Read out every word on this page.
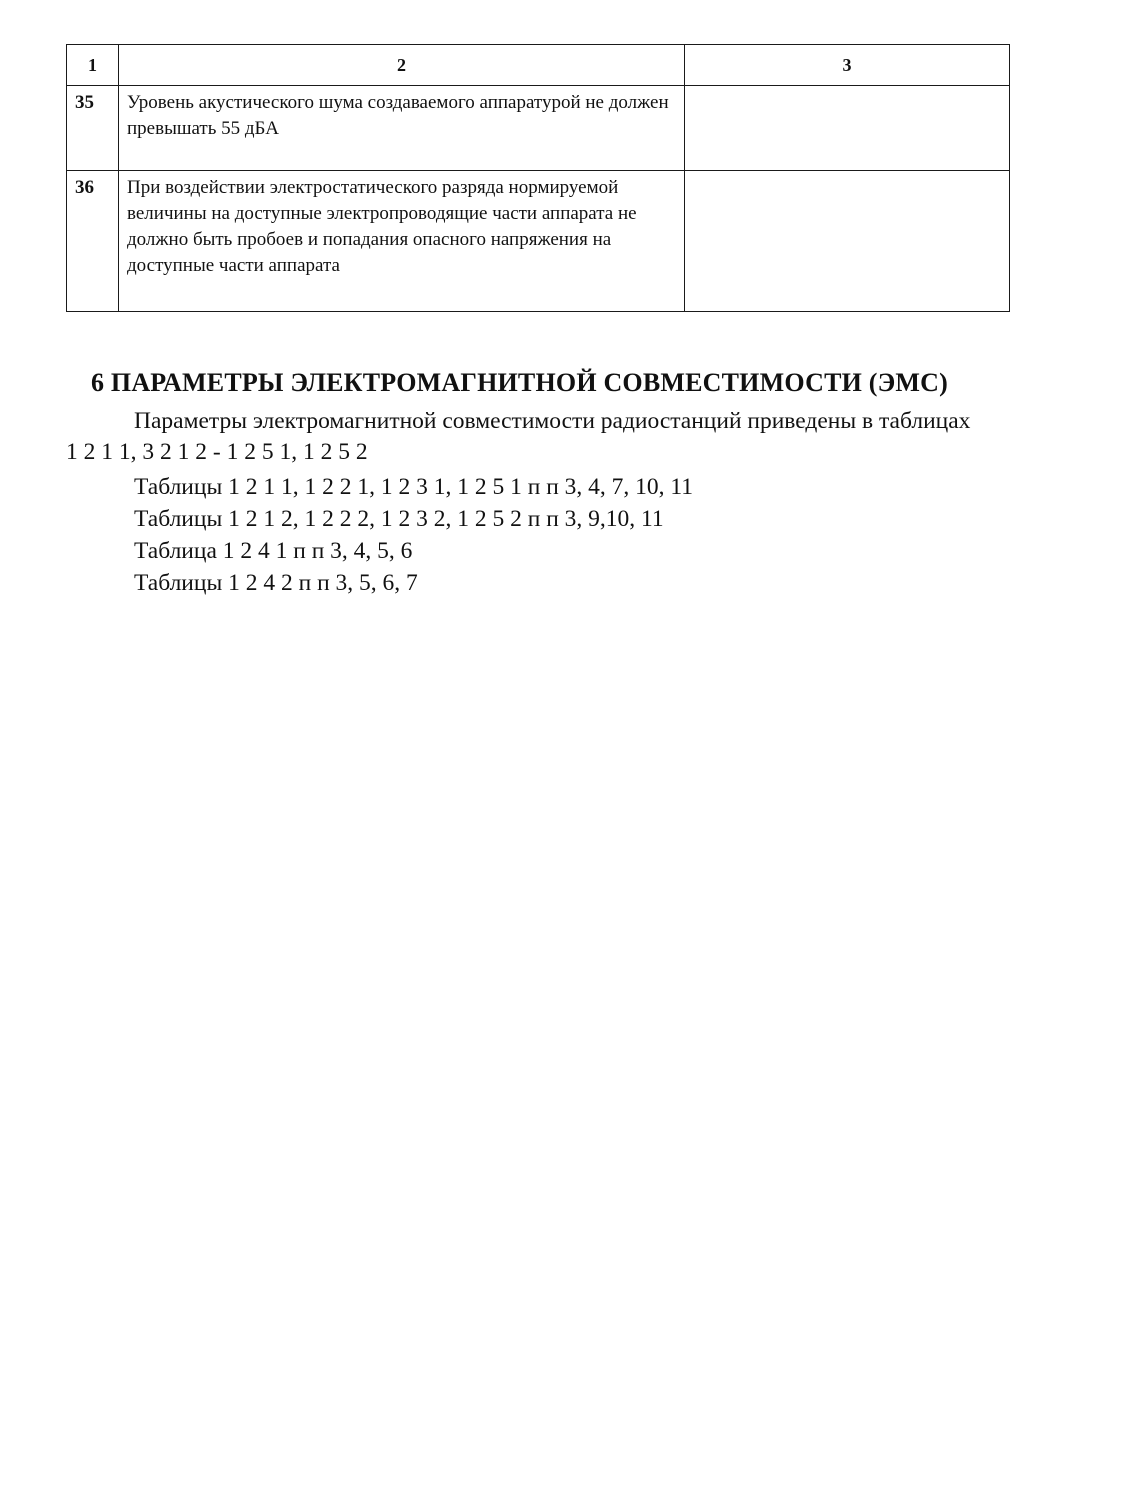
1	2	3
35	Уровень акустического шума создаваемого аппаратурой не должен превышать 55 дБА	
36	При воздействии электростатического разряда нормируемой величины на доступные электропроводящие части аппарата не должно быть пробоев и попадания опасного напряжения на доступные части аппарата	
6 ПАРАМЕТРЫ ЭЛЕКТРОМАГНИТНОЙ СОВМЕСТИМОСТИ (ЭМС)

Параметры электромагнитной совместимости радиостанций приведены в таблицах 1 2 1 1, 3 2 1 2 - 1 2 5 1, 1 2 5 2

Таблицы 1 2 1 1, 1 2 2 1, 1 2 3 1, 1 2 5 1 п п 3, 4, 7, 10, 11

Таблицы 1 2 1 2, 1 2 2 2, 1 2 3 2, 1 2 5 2 п п 3, 9,10, 11

Таблица 1 2 4 1 п п 3, 4, 5, 6

Таблицы 1 2 4 2 п п 3, 5, 6, 7
